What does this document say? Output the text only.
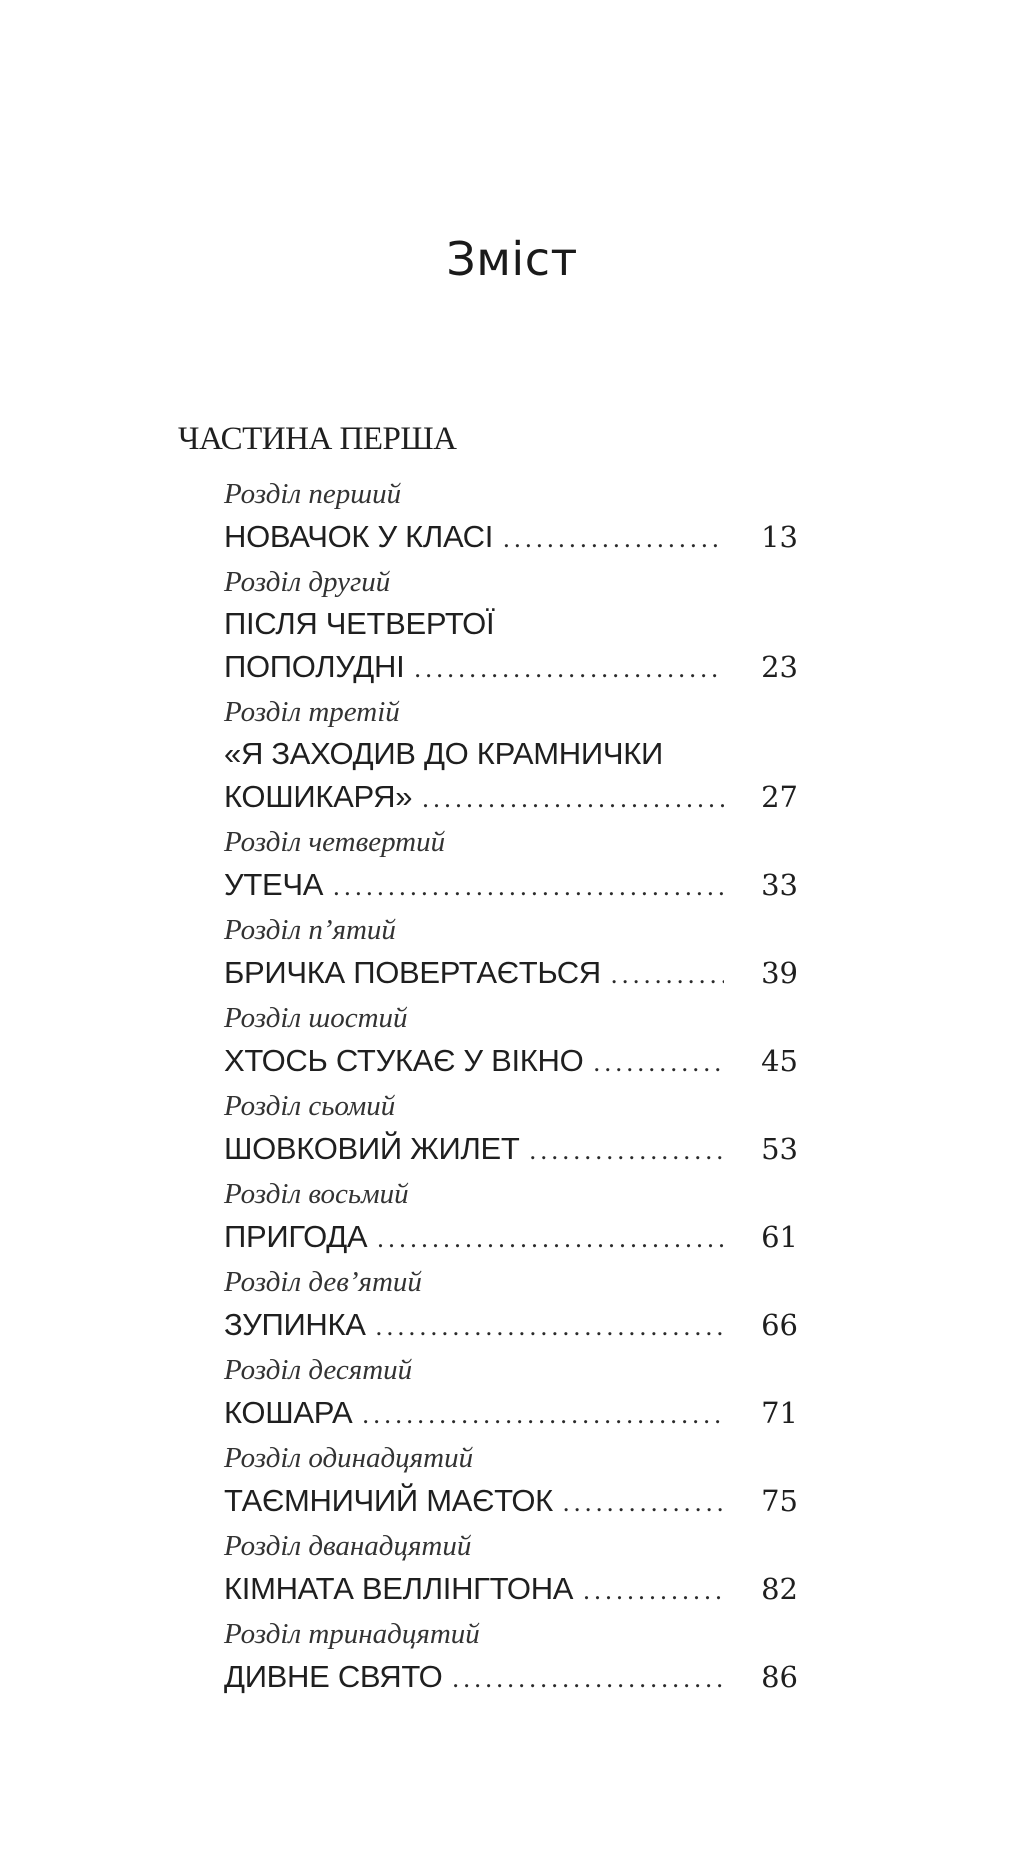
Зміст
ЧАСТИНА ПЕРША
Розділ перший
НОВАЧОК У КЛАСІ .....	13
Розділ другий
ПІСЛЯ ЧЕТВЕРТОЇ
ПОПОЛУДНІ .....	23
Розділ третій
«Я ЗАХОДИВ ДО КРАМНИЧКИ
КОШИКАРЯ» .....	27
Розділ четвертий
УТЕЧА .....	33
Розділ п’ятий
БРИЧКА ПОВЕРТАЄТЬСЯ .....	39
Розділ шостий
ХТОСЬ СТУКАЄ У ВІКНО .....	45
Розділ сьомий
ШОВКОВИЙ ЖИЛЕТ .....	53
Розділ восьмий
ПРИГОДА .....	61
Розділ дев’ятий
ЗУПИНКА .....	66
Розділ десятий
КОШАРА .....	71
Розділ одинадцятий
ТАЄМНИЧИЙ МАЄТОК .....	75
Розділ дванадцятий
КІМНАТА ВЕЛЛІНГТОНА .....	82
Розділ тринадцятий
ДИВНЕ СВЯТО .....	86
